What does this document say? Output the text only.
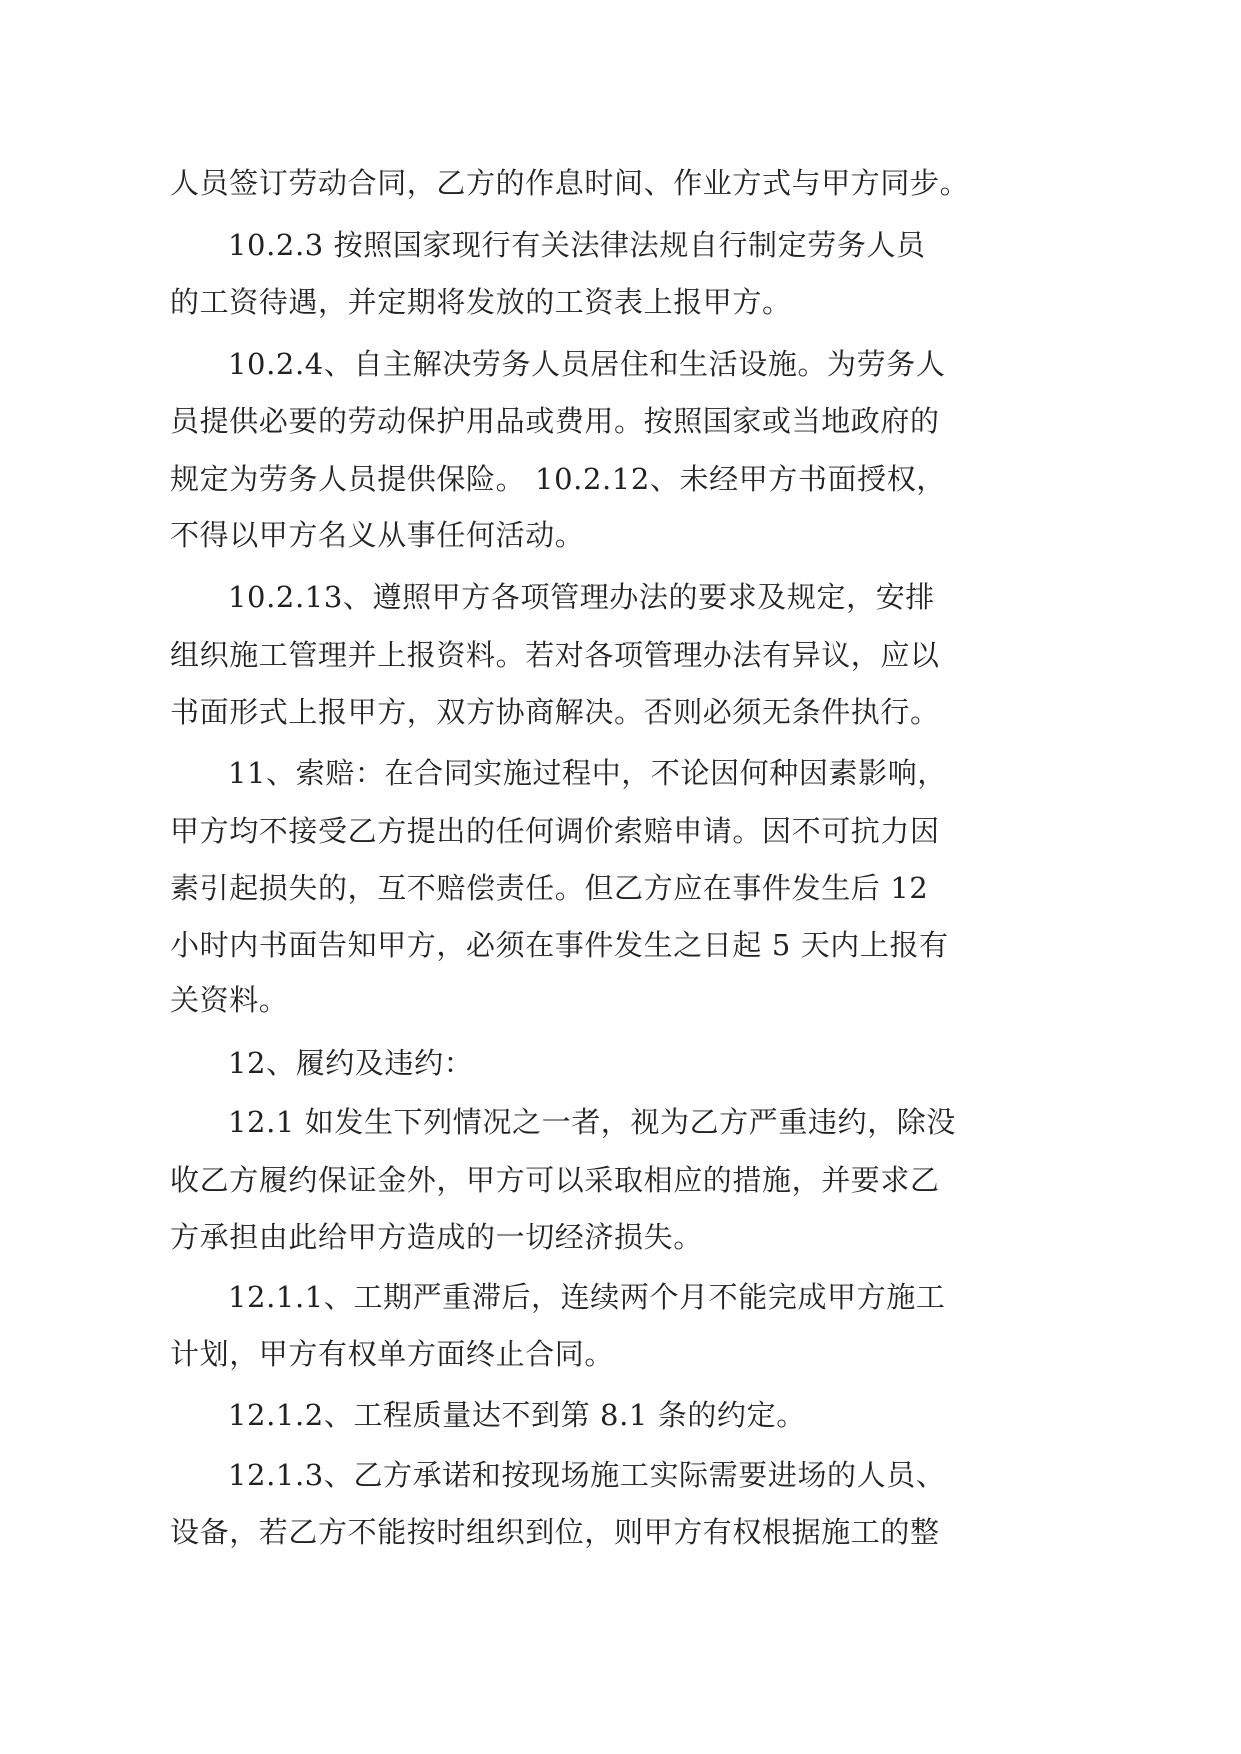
人员签订劳动合同，乙方的作息时间、作业方式与甲方同步。
10.2.3 按照国家现行有关法律法规自行制定劳务人员
的工资待遇，并定期将发放的工资表上报甲方。
10.2.4、自主解决劳务人员居住和生活设施。为劳务人
员提供必要的劳动保护用品或费用。按照国家或当地政府的
规定为劳务人员提供保险。 10.2.12、未经甲方书面授权，
不得以甲方名义从事任何活动。
10.2.13、遵照甲方各项管理办法的要求及规定，安排
组织施工管理并上报资料。若对各项管理办法有异议，应以
书面形式上报甲方，双方协商解决。否则必须无条件执行。
11、索赔：在合同实施过程中，不论因何种因素影响，
甲方均不接受乙方提出的任何调价索赔申请。因不可抗力因
素引起损失的，互不赔偿责任。但乙方应在事件发生后 12
小时内书面告知甲方，必须在事件发生之日起 5 天内上报有
关资料。
12、履约及违约：
12.1 如发生下列情况之一者，视为乙方严重违约，除没
收乙方履约保证金外，甲方可以采取相应的措施，并要求乙
方承担由此给甲方造成的一切经济损失。
12.1.1、工期严重滞后，连续两个月不能完成甲方施工
计划，甲方有权单方面终止合同。
12.1.2、工程质量达不到第 8.1 条的约定。
12.1.3、乙方承诺和按现场施工实际需要进场的人员、
设备，若乙方不能按时组织到位，则甲方有权根据施工的整
